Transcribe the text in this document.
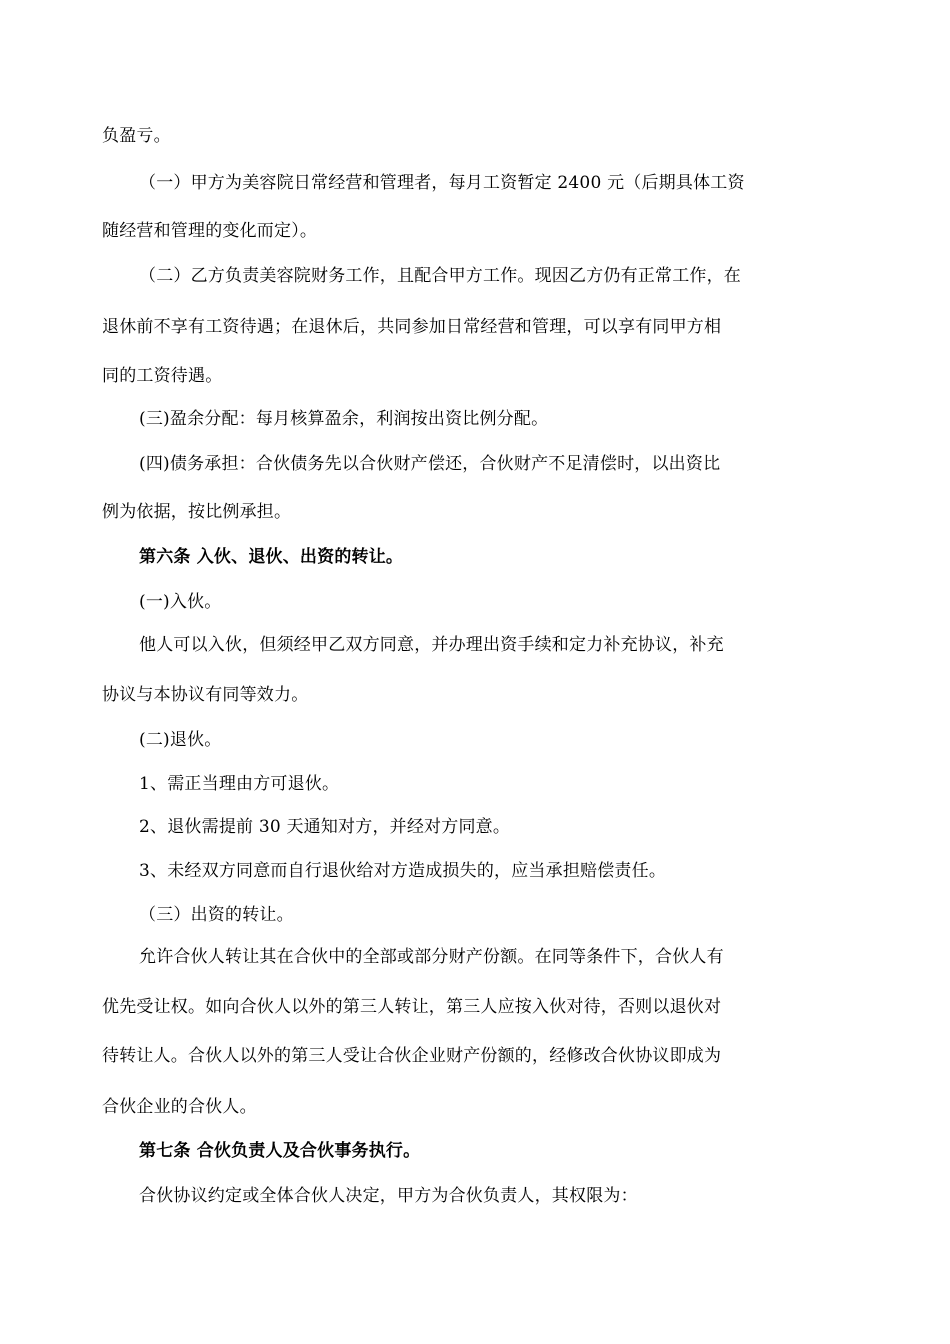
负盈亏。
（一）甲方为美容院日常经营和管理者，每月工资暂定 2400 元（后期具体工资
随经营和管理的变化而定）。
（二）乙方负责美容院财务工作，且配合甲方工作。现因乙方仍有正常工作，在
退休前不享有工资待遇；在退休后，共同参加日常经营和管理，可以享有同甲方相
同的工资待遇。
(三)盈余分配：每月核算盈余，利润按出资比例分配。
(四)债务承担：合伙债务先以合伙财产偿还，合伙财产不足清偿时，以出资比
例为依据，按比例承担。
第六条 入伙、退伙、出资的转让。
(一)入伙。
他人可以入伙，但须经甲乙双方同意，并办理出资手续和定力补充协议，补充
协议与本协议有同等效力。
(二)退伙。
1、需正当理由方可退伙。
2、退伙需提前 30 天通知对方，并经对方同意。
3、未经双方同意而自行退伙给对方造成损失的，应当承担赔偿责任。
（三）出资的转让。
允许合伙人转让其在合伙中的全部或部分财产份额。在同等条件下，合伙人有
优先受让权。如向合伙人以外的第三人转让，第三人应按入伙对待，否则以退伙对
待转让人。合伙人以外的第三人受让合伙企业财产份额的，经修改合伙协议即成为
合伙企业的合伙人。
第七条 合伙负责人及合伙事务执行。
合伙协议约定或全体合伙人决定，甲方为合伙负责人，其权限为：
